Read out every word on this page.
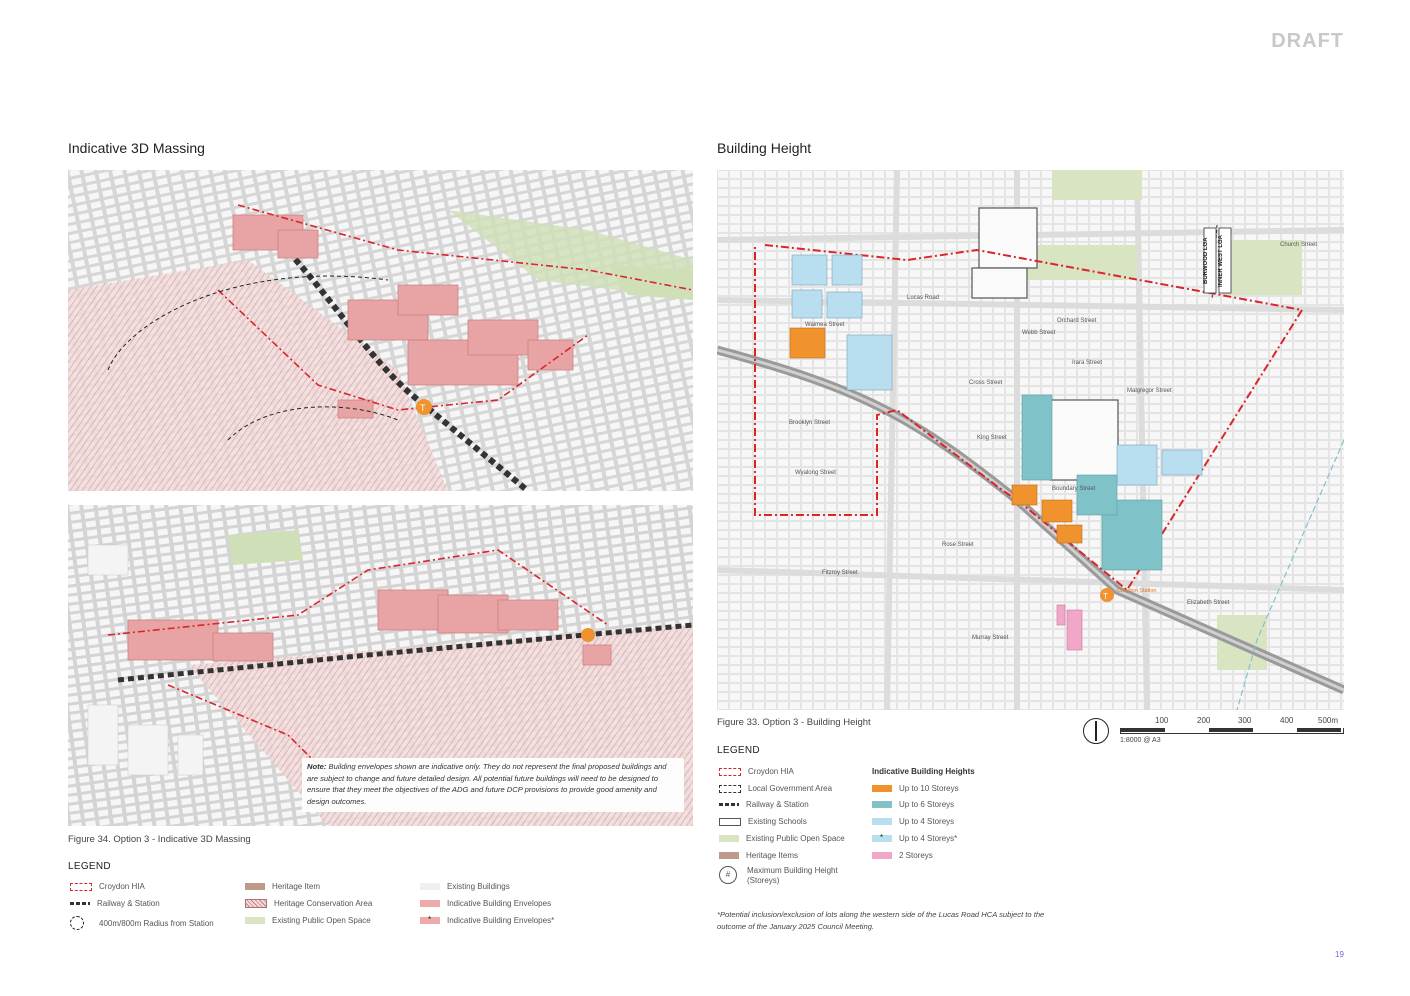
DRAFT
Indicative 3D Massing
T
Note: Building envelopes shown are indicative only. They do not represent the final proposed buildings and are subject to change and future detailed design. All potential future buildings will need to be designed to ensure that they meet the objectives of the ADG and future DCP provisions to provide good amenity and design outcomes.
Figure 34. Option 3 - Indicative 3D Massing
LEGEND
Croydon HIA
Railway & Station
400m/800m Radius from Station
Heritage Item
Heritage Conservation Area
Existing Public Open Space
Existing Buildings
Indicative Building Envelopes
* Indicative Building Envelopes*
Building Height
T
BURWOOD LGA	INNER WEST LGA
Croydon Station
Church Street
Orchard Street
Waimea Street
Malgregor Street
Cross Street
King Street
Brooklyn Street
Wyalong Street
Boundary Street
Rose Street
Fitzroy Street
Murray Street
Elizabeth Street
Lucas Road
Webb Street
Irara Street
Figure 33. Option 3 - Building Height	100	200	300	400	500m
1:8000 @ A3
LEGEND
Croydon HIA
Local Government Area
Railway & Station
Existing Schools
Existing Public Open Space
Heritage Items
#	Maximum Building Height (Storeys)
Indicative Building Heights
Up to 10 Storeys
Up to 6 Storeys
Up to 4 Storeys
* Up to 4 Storeys*
2 Storeys
*Potential inclusion/exclusion of lots along the western side of the Lucas Road HCA subject to the outcome of the January 2025 Council Meeting.
19
